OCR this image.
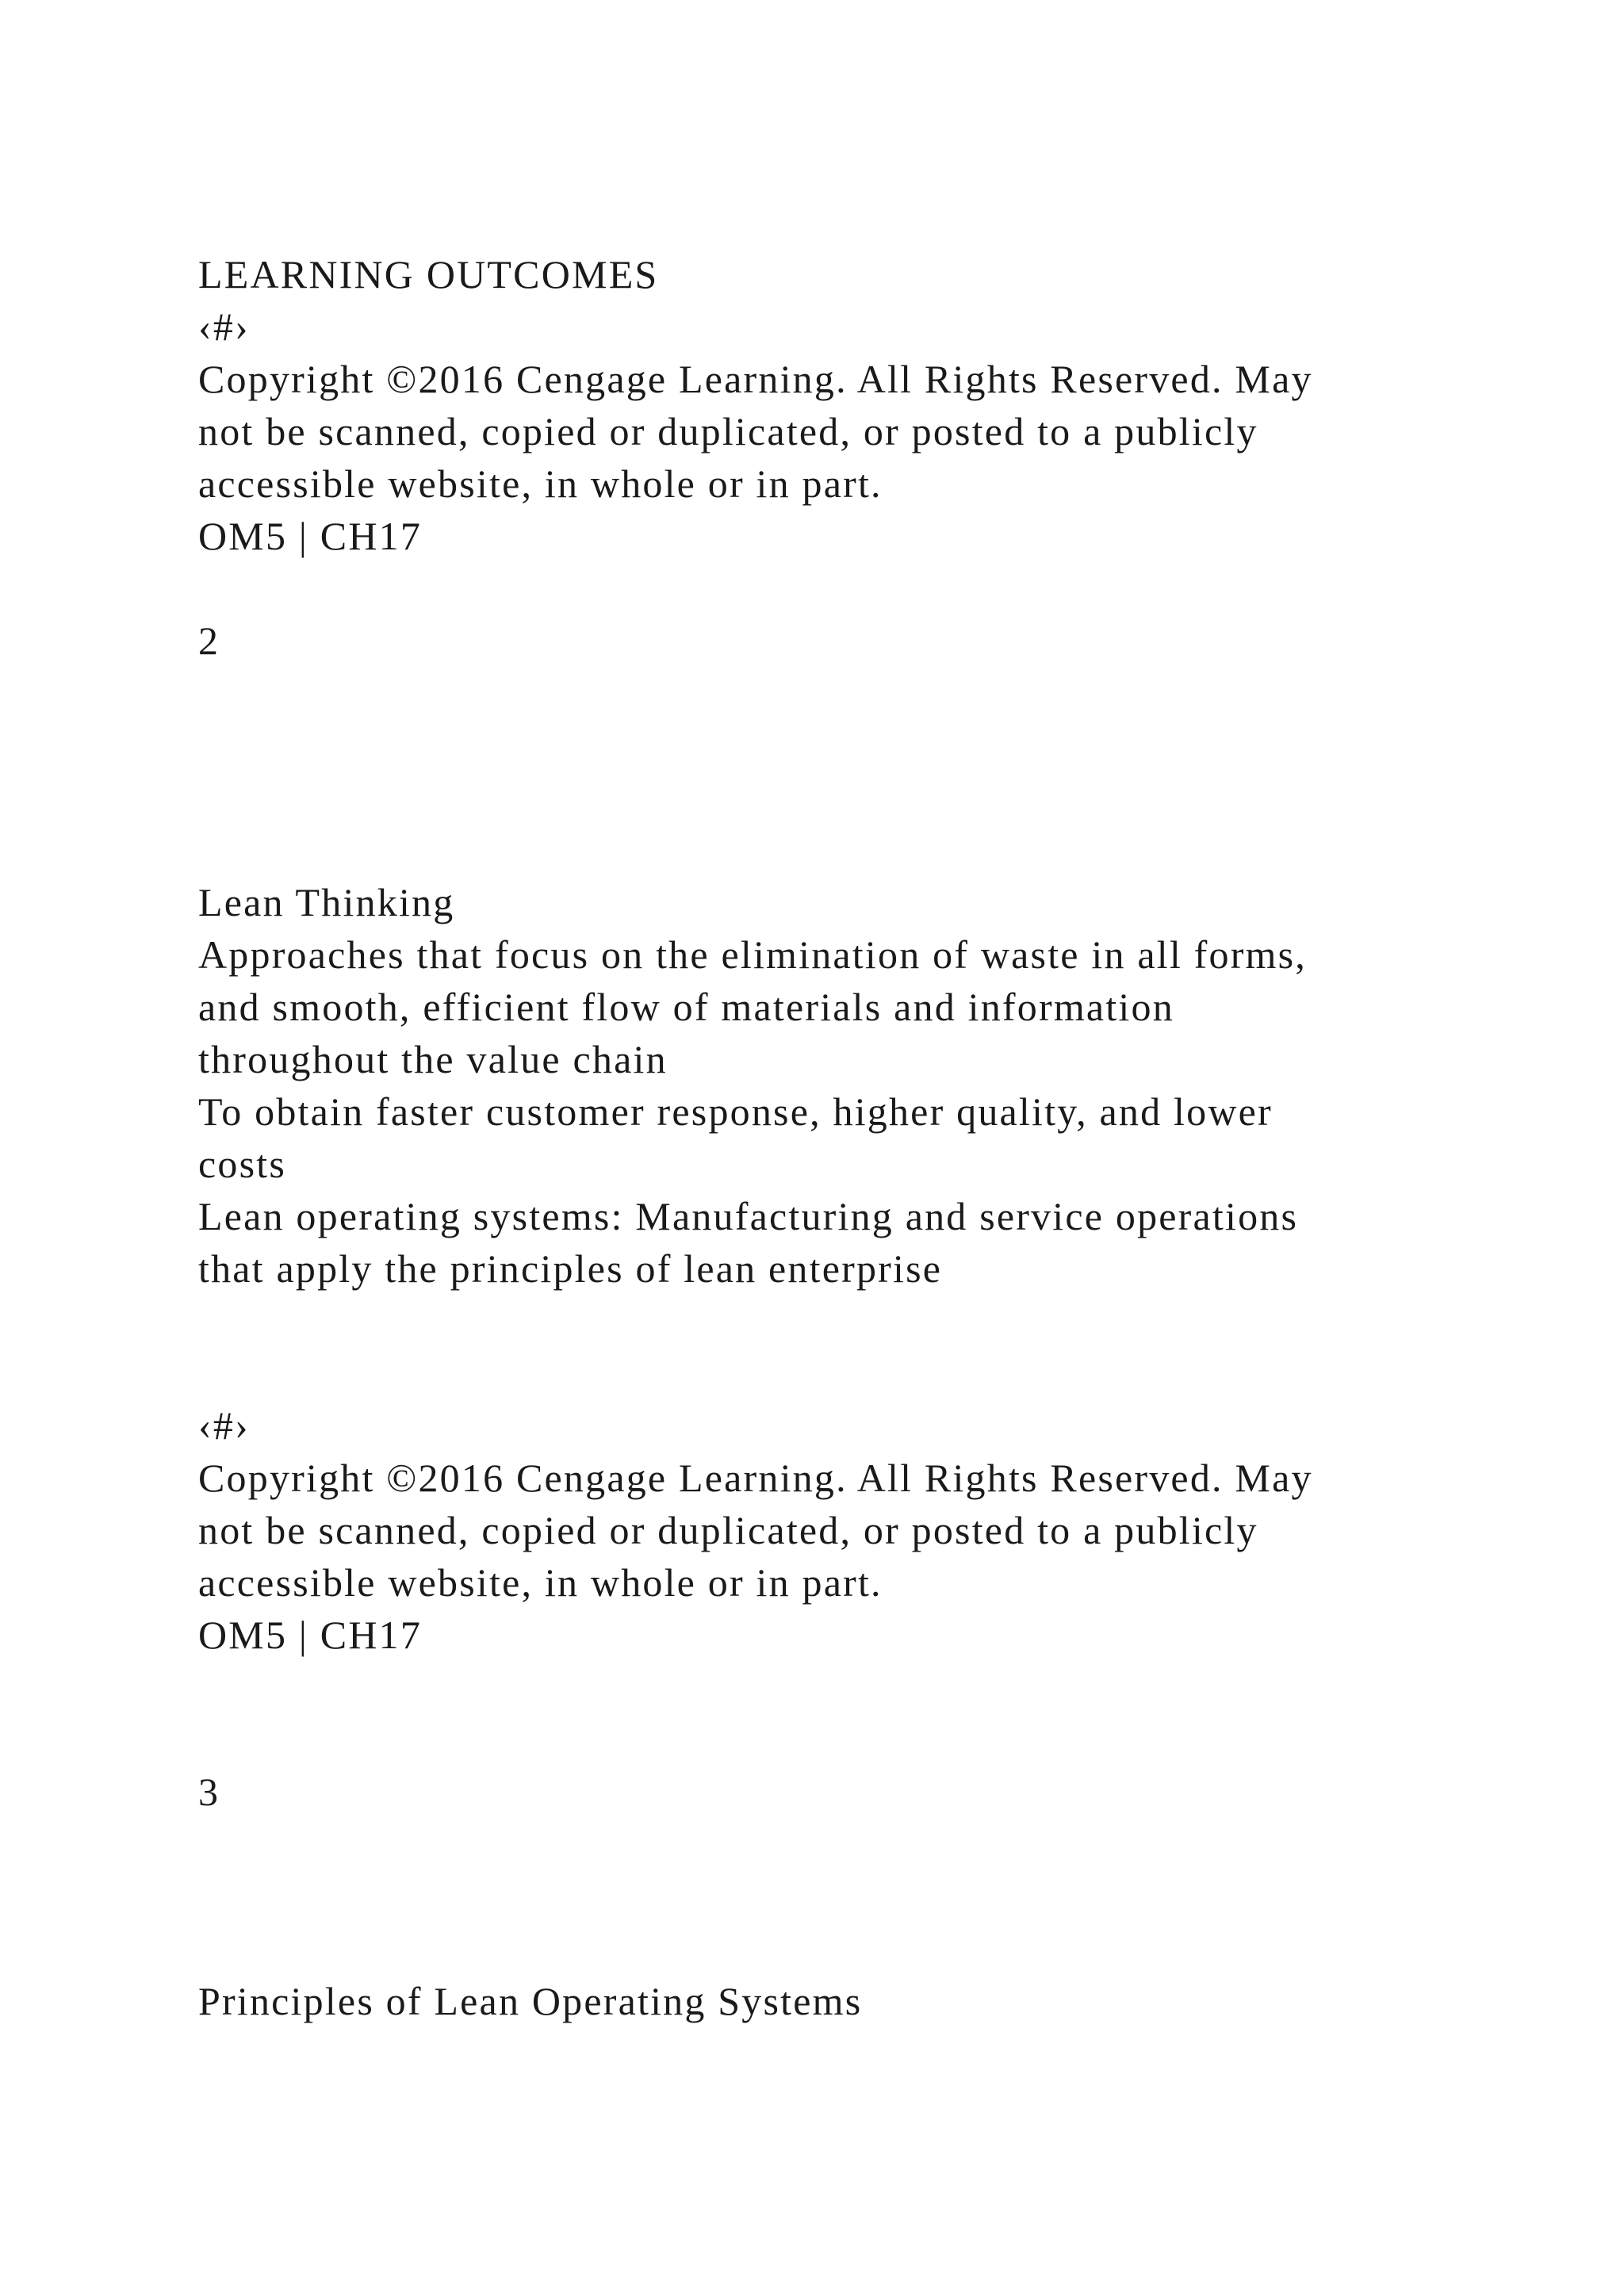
LEARNING OUTCOMES

‹#›

Copyright ©2016 Cengage Learning. All Rights Reserved. May

not be scanned, copied or duplicated, or posted to a publicly

accessible website, in whole or in part.

OM5 | CH17

2

Lean Thinking

Approaches that focus on the elimination of waste in all forms,

and smooth, efficient flow of materials and information

throughout the value chain

To obtain faster customer response, higher quality, and lower

costs

Lean operating systems: Manufacturing and service operations

that apply the principles of lean enterprise

‹#›

Copyright ©2016 Cengage Learning. All Rights Reserved. May

not be scanned, copied or duplicated, or posted to a publicly

accessible website, in whole or in part.

OM5 | CH17

3

Principles of Lean Operating Systems
